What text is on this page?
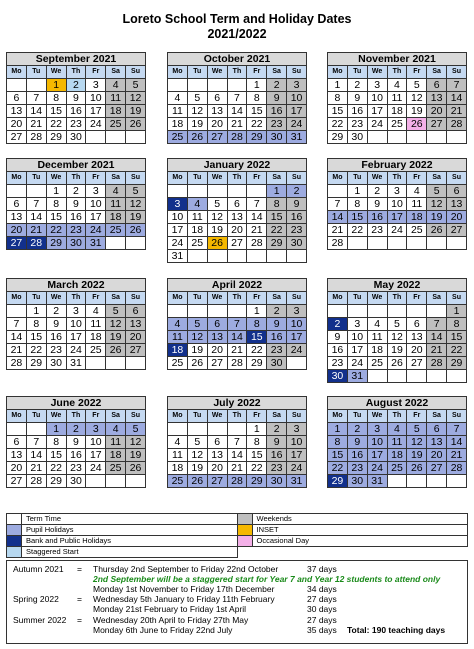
Loreto School Term and Holiday Dates
2021/2022
September 2021						
Mo	Tu	We	Th	Fr	Sa	Su
		1	2	3	4	5
6	7	8	9	10	11	12
13	14	15	16	17	18	19
20	21	22	23	24	25	26
27	28	29	30			
October 2021						
Mo	Tu	We	Th	Fr	Sa	Su
				1	2	3
4	5	6	7	8	9	10
11	12	13	14	15	16	17
18	19	20	21	22	23	24
25	26	27	28	29	30	31
November 2021						
Mo	Tu	We	Th	Fr	Sa	Su
1	2	3	4	5	6	7
8	9	10	11	12	13	14
15	16	17	18	19	20	21
22	23	24	25	26	27	28
29	30					
December 2021						
Mo	Tu	We	Th	Fr	Sa	Su
		1	2	3	4	5
6	7	8	9	10	11	12
13	14	15	16	17	18	19
20	21	22	23	24	25	26
27	28	29	30	31		
January 2022						
Mo	Tu	We	Th	Fr	Sa	Su
					1	2
3	4	5	6	7	8	9
10	11	12	13	14	15	16
17	18	19	20	21	22	23
24	25	26	27	28	29	30
31						
February 2022						
Mo	Tu	We	Th	Fr	Sa	Su
	1	2	3	4	5	6
7	8	9	10	11	12	13
14	15	16	17	18	19	20
21	22	23	24	25	26	27
28						
March 2022						
Mo	Tu	We	Th	Fr	Sa	Su
	1	2	3	4	5	6
7	8	9	10	11	12	13
14	15	16	17	18	19	20
21	22	23	24	25	26	27
28	29	30	31			
April 2022						
Mo	Tu	We	Th	Fr	Sa	Su
				1	2	3
4	5	6	7	8	9	10
11	12	13	14	15	16	17
18	19	20	21	22	23	24
25	26	27	28	29	30	
May 2022						
Mo	Tu	We	Th	Fr	Sa	Su
						1
2	3	4	5	6	7	8
9	10	11	12	13	14	15
16	17	18	19	20	21	22
23	24	25	26	27	28	29
30	31					
June 2022						
Mo	Tu	We	Th	Fr	Sa	Su
		1	2	3	4	5
6	7	8	9	10	11	12
13	14	15	16	17	18	19
20	21	22	23	24	25	26
27	28	29	30			
July 2022						
Mo	Tu	We	Th	Fr	Sa	Su
				1	2	3
4	5	6	7	8	9	10
11	12	13	14	15	16	17
18	19	20	21	22	23	24
25	26	27	28	29	30	31
August 2022						
Mo	Tu	We	Th	Fr	Sa	Su
1	2	3	4	5	6	7
8	9	10	11	12	13	14
15	16	17	18	19	20	21
22	23	24	25	26	27	28
29	30	31				
	Term Time		Weekends
	Pupil Holidays		INSET
	Bank and Public Holidays		Occasional Day
	Staggered Start		
Autumn 2021 = Thursday 2nd September to Friday 22nd October	37 days
2nd September will be a staggered start for Year 7 and Year 12 students to attend only
Monday 1st November to Friday 17th December	34 days
Spring 2022 = Wednesday 5th January to Friday 11th February	27 days
Monday 21st February to Friday 1st April	30 days
Summer 2022 = Wednesday 20th April to Friday 27th May	27 days
Monday 6th June to Friday 22nd July	35 days Total: 190 teaching days
